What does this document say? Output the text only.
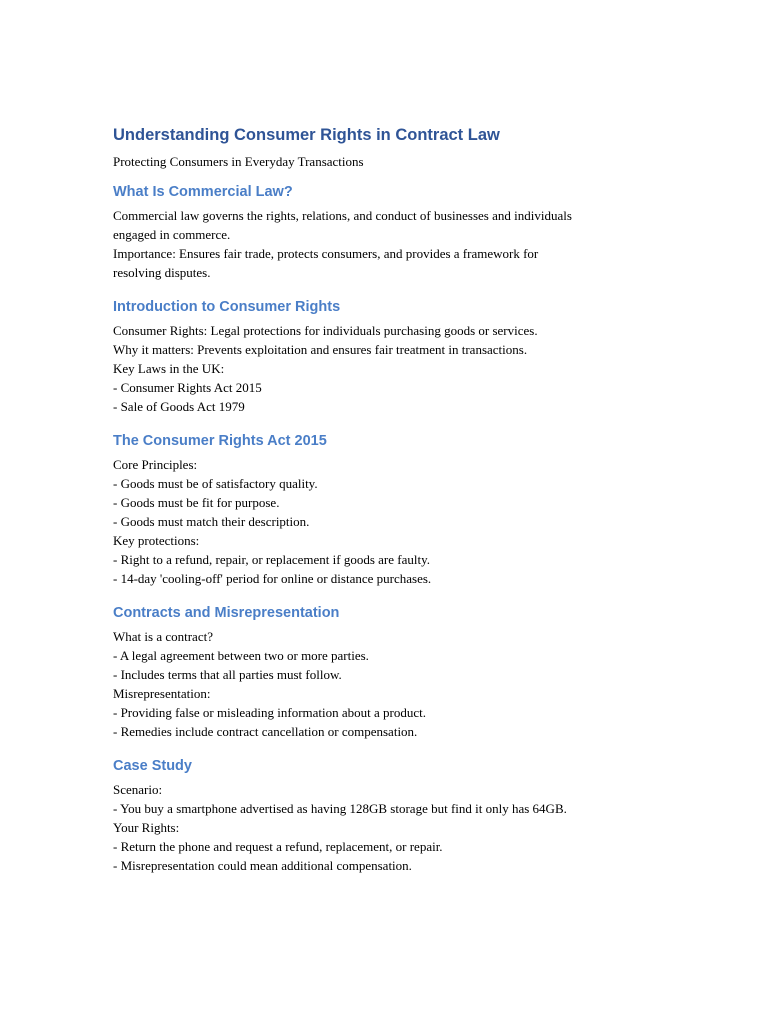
Understanding Consumer Rights in Contract Law

Protecting Consumers in Everyday Transactions

What Is Commercial Law?

Commercial law governs the rights, relations, and conduct of businesses and individuals

engaged in commerce.

Importance: Ensures fair trade, protects consumers, and provides a framework for

resolving disputes.

Introduction to Consumer Rights

Consumer Rights: Legal protections for individuals purchasing goods or services.

Why it matters: Prevents exploitation and ensures fair treatment in transactions.

Key Laws in the UK:

- Consumer Rights Act 2015

- Sale of Goods Act 1979

The Consumer Rights Act 2015

Core Principles:

- Goods must be of satisfactory quality.

- Goods must be fit for purpose.

- Goods must match their description.

Key protections:

- Right to a refund, repair, or replacement if goods are faulty.

- 14-day 'cooling-off' period for online or distance purchases.

Contracts and Misrepresentation

What is a contract?

- A legal agreement between two or more parties.

- Includes terms that all parties must follow.

Misrepresentation:

- Providing false or misleading information about a product.

- Remedies include contract cancellation or compensation.

Case Study

Scenario:

- You buy a smartphone advertised as having 128GB storage but find it only has 64GB.

Your Rights:

- Return the phone and request a refund, replacement, or repair.

- Misrepresentation could mean additional compensation.
